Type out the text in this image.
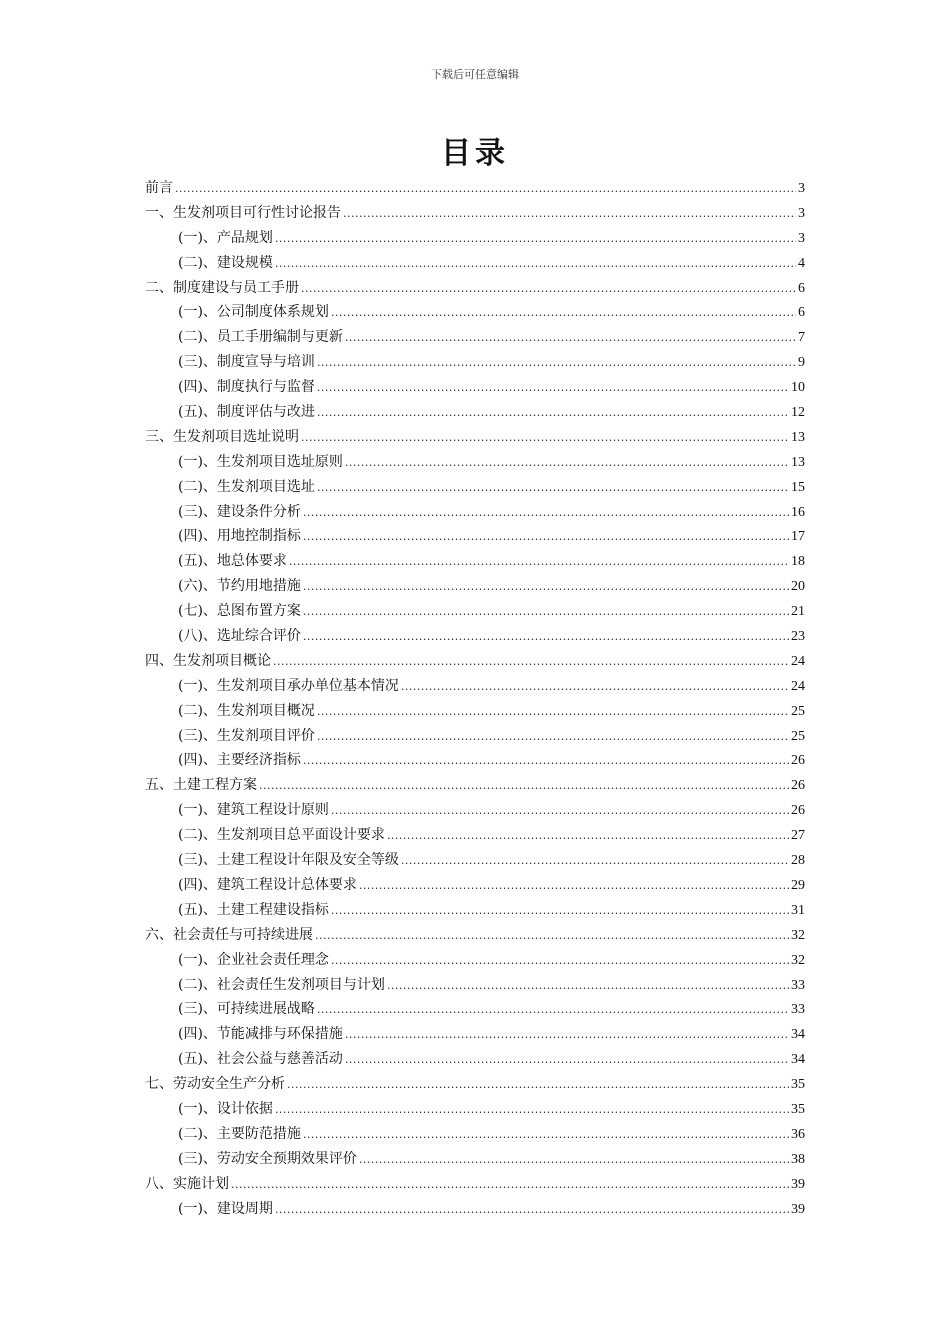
下载后可任意编辑
目录
前言 .....	3
一、生发剂项目可行性讨论报告 .....	3
(一)、产品规划 .....	3
(二)、建设规模 .....	4
二、制度建设与员工手册 .....	6
(一)、公司制度体系规划 .....	6
(二)、员工手册编制与更新 .....	7
(三)、制度宣导与培训 .....	9
(四)、制度执行与监督 .....	10
(五)、制度评估与改进 .....	12
三、生发剂项目选址说明 .....	13
(一)、生发剂项目选址原则 .....	13
(二)、生发剂项目选址 .....	15
(三)、建设条件分析 .....	16
(四)、用地控制指标 .....	17
(五)、地总体要求 .....	18
(六)、节约用地措施 .....	20
(七)、总图布置方案 .....	21
(八)、选址综合评价 .....	23
四、生发剂项目概论 .....	24
(一)、生发剂项目承办单位基本情况 .....	24
(二)、生发剂项目概况 .....	25
(三)、生发剂项目评价 .....	25
(四)、主要经济指标 .....	26
五、土建工程方案 .....	26
(一)、建筑工程设计原则 .....	26
(二)、生发剂项目总平面设计要求 .....	27
(三)、土建工程设计年限及安全等级 .....	28
(四)、建筑工程设计总体要求 .....	29
(五)、土建工程建设指标 .....	31
六、社会责任与可持续进展 .....	32
(一)、企业社会责任理念 .....	32
(二)、社会责任生发剂项目与计划 .....	33
(三)、可持续进展战略 .....	33
(四)、节能减排与环保措施 .....	34
(五)、社会公益与慈善活动 .....	34
七、劳动安全生产分析 .....	35
(一)、设计依据 .....	35
(二)、主要防范措施 .....	36
(三)、劳动安全预期效果评价 .....	38
八、实施计划 .....	39
(一)、建设周期 .....	39
